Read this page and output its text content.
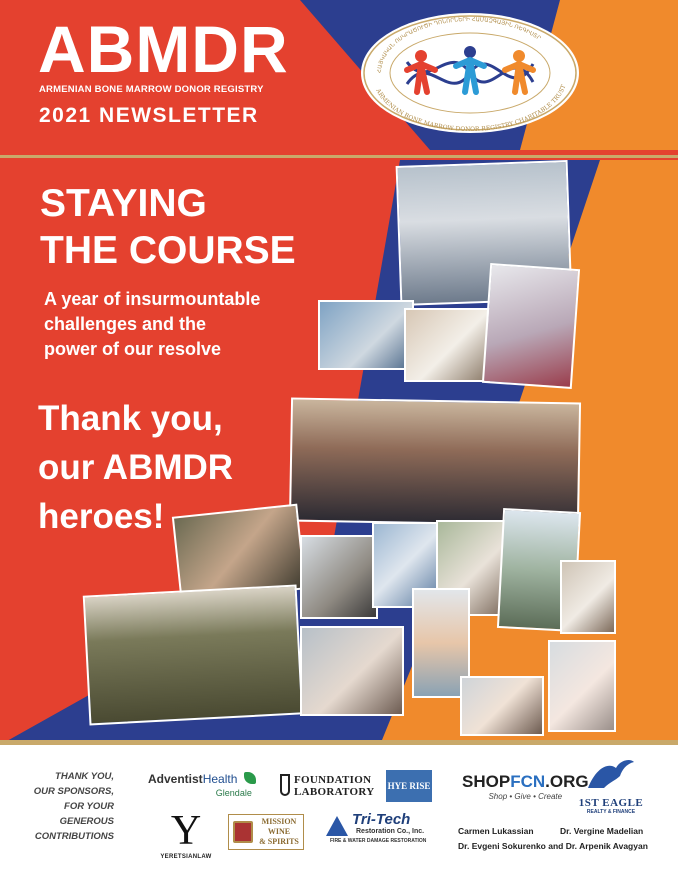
ABMDR
ARMENIAN BONE MARROW DONOR REGISTRY
2021 NEWSLETTER
ՀԱՅԿԱԿԱՆ ՈՍԿՐԱԾՈՒԾԻ ԴՈՆՈՐՆԵՐԻ ՀԱՄԱԶԳԱՅԻՆ ՌԵԳԻՍՏՐ
ARMENIAN BONE MARROW DONOR REGISTRY CHARITABLE TRUST
STAYING
THE COURSE
A year of insurmountable
challenges and the
power of our resolve
Thank you,
our ABMDR
heroes!
THANK YOU,
OUR SPONSORS,
FOR YOUR
GENEROUS
CONTRIBUTIONS
AdventistHealth
Glendale
FOUNDATION
LABORATORY HYE RISE SHOPFCN.ORG
Shop • Give • Create
1ST EAGLE
REALTY & FINANCE
Y
YERETSIANLAW
MISSION
WINE
& SPIRITS
Tri-Tech
Restoration Co., Inc.
FIRE & WATER DAMAGE RESTORATION
Carmen Lukassian	Dr. Vergine Madelian
Dr. Evgeni Sokurenko and Dr. Arpenik Avagyan
